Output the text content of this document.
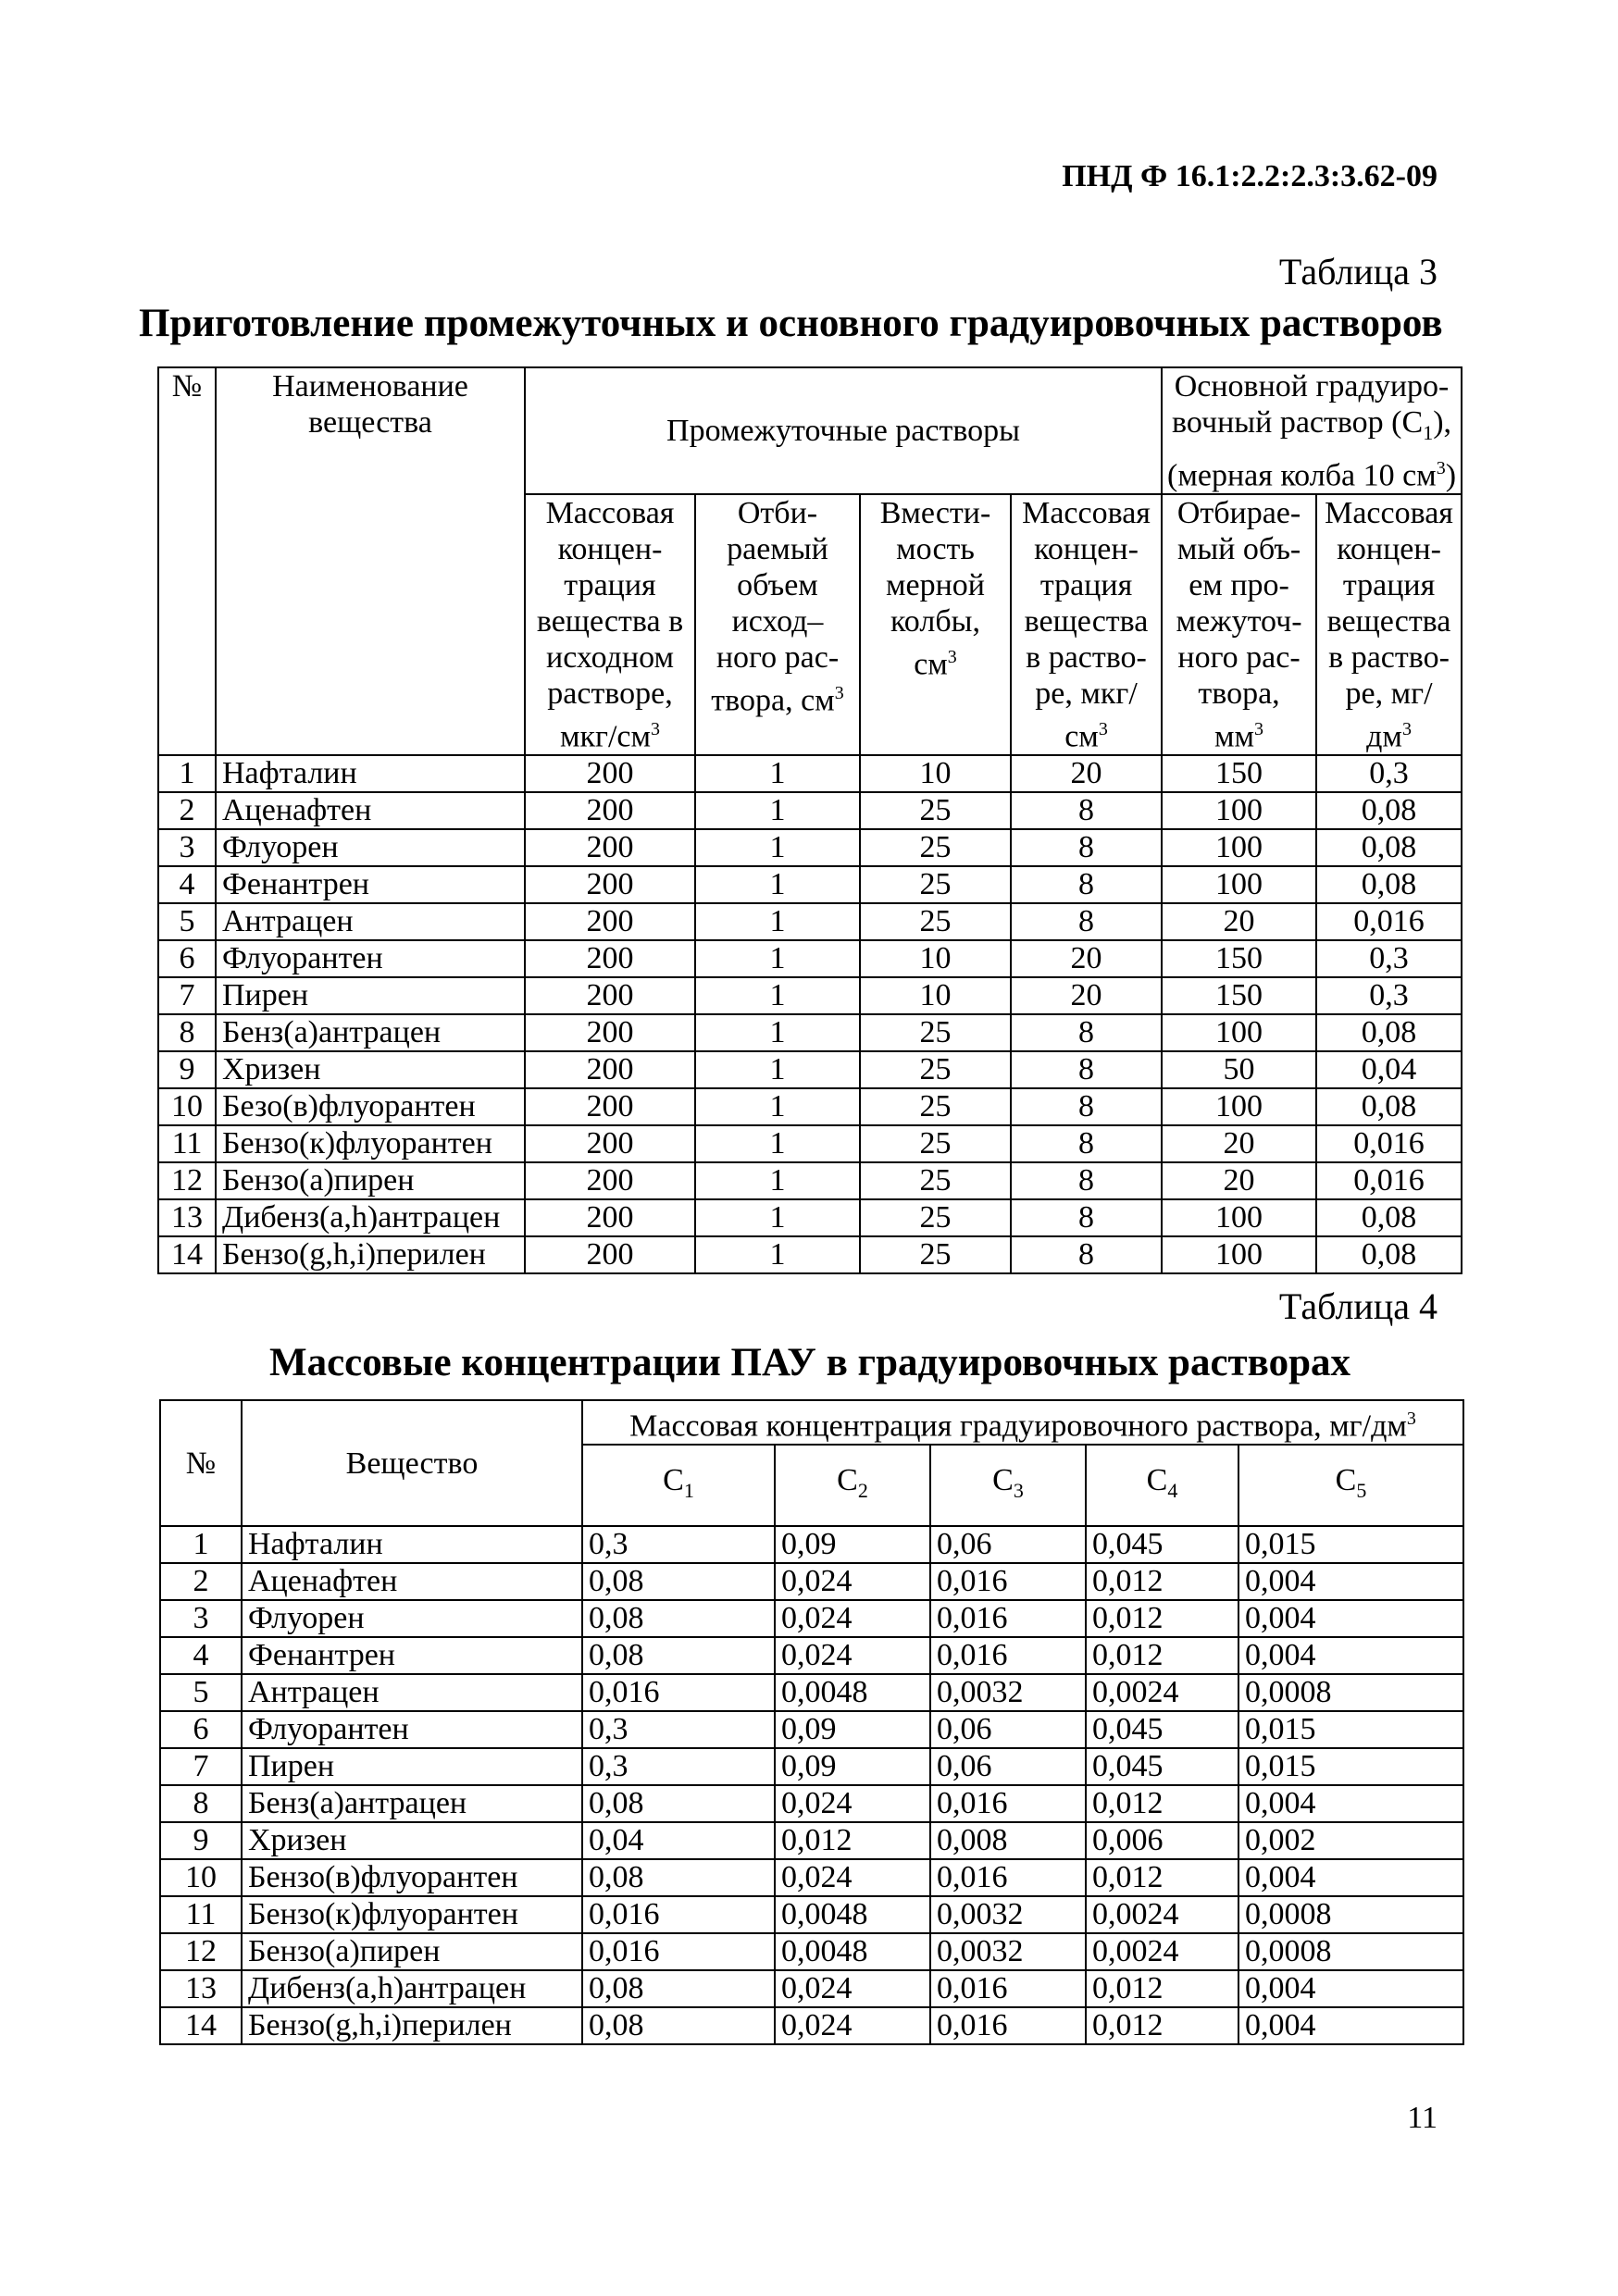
ПНД Ф 16.1:2.2:2.3:3.62-09
Таблица 3
Приготовление промежуточных и основного градуировочных растворов
№	Наименование вещества	Промежуточные растворы				Основной градуиро-
вочный раствор $(C_1)$,
(мерная колба 10 $см^3$)	

		Массовая концен-трация вещества в исходном растворе, мкг/$см^3$	Отби-раемый объем исход– ного рас-твора, $см^3$	Вмести-мость мерной колбы, $см^3$	Массовая концен-трация вещества в раство-ре, мкг/$см^3$	Отбирае-мый объ-ем про-межуточ-ного рас-твора, $мм^3$	Массовая концен-трация вещества в раство-ре, $мг/дм^3$
1	Нафталин	200	1	10	20	150	0,3
2	Аценафтен	200	1	25	8	100	0,08
3	Флуорен	200	1	25	8	100	0,08
4	Фенантрен	200	1	25	8	100	0,08
5	Антрацен	200	1	25	8	20	0,016
6	Флуорантен	200	1	10	20	150	0,3
7	Пирен	200	1	10	20	150	0,3
8	Бенз(а)антрацен	200	1	25	8	100	0,08
9	Хризен	200	1	25	8	50	0,04
10	Безо(в)флуорантен	200	1	25	8	100	0,08
11	Бензо(к)флуорантен	200	1	25	8	20	0,016
12	Бензо(а)пирен	200	1	25	8	20	0,016
13	Дибенз(a,h)антрацен	200	1	25	8	100	0,08
14	Бензо(g,h,i)перилен	200	1	25	8	100	0,08
Таблица 4
Массовые концентрации ПАУ в градуировочных растворах
№	Вещество	Массовая концентрация градуировочного раствора, $мг/дм^3$
		$C_1$	$C_2$	$C_3$	$C_4$	$C_5$
1	Нафталин	0,3	0,09	0,06	0,045	0,015
2	Аценафтен	0,08	0,024	0,016	0,012	0,004
3	Флуорен	0,08	0,024	0,016	0,012	0,004
4	Фенантрен	0,08	0,024	0,016	0,012	0,004
5	Антрацен	0,016	0,0048	0,0032	0,0024	0,0008
6	Флуорантен	0,3	0,09	0,06	0,045	0,015
7	Пирен	0,3	0,09	0,06	0,045	0,015
8	Бенз(а)антрацен	0,08	0,024	0,016	0,012	0,004
9	Хризен	0,04	0,012	0,008	0,006	0,002
10	Бензо(в)флуорантен	0,08	0,024	0,016	0,012	0,004
11	Бензо(к)флуорантен	0,016	0,0048	0,0032	0,0024	0,0008
12	Бензо(а)пирен	0,016	0,0048	0,0032	0,0024	0,0008
13	Дибенз(a,h)антрацен	0,08	0,024	0,016	0,012	0,004
14	Бензо(g,h,i)перилен	0,08	0,024	0,016	0,012	0,004
11
